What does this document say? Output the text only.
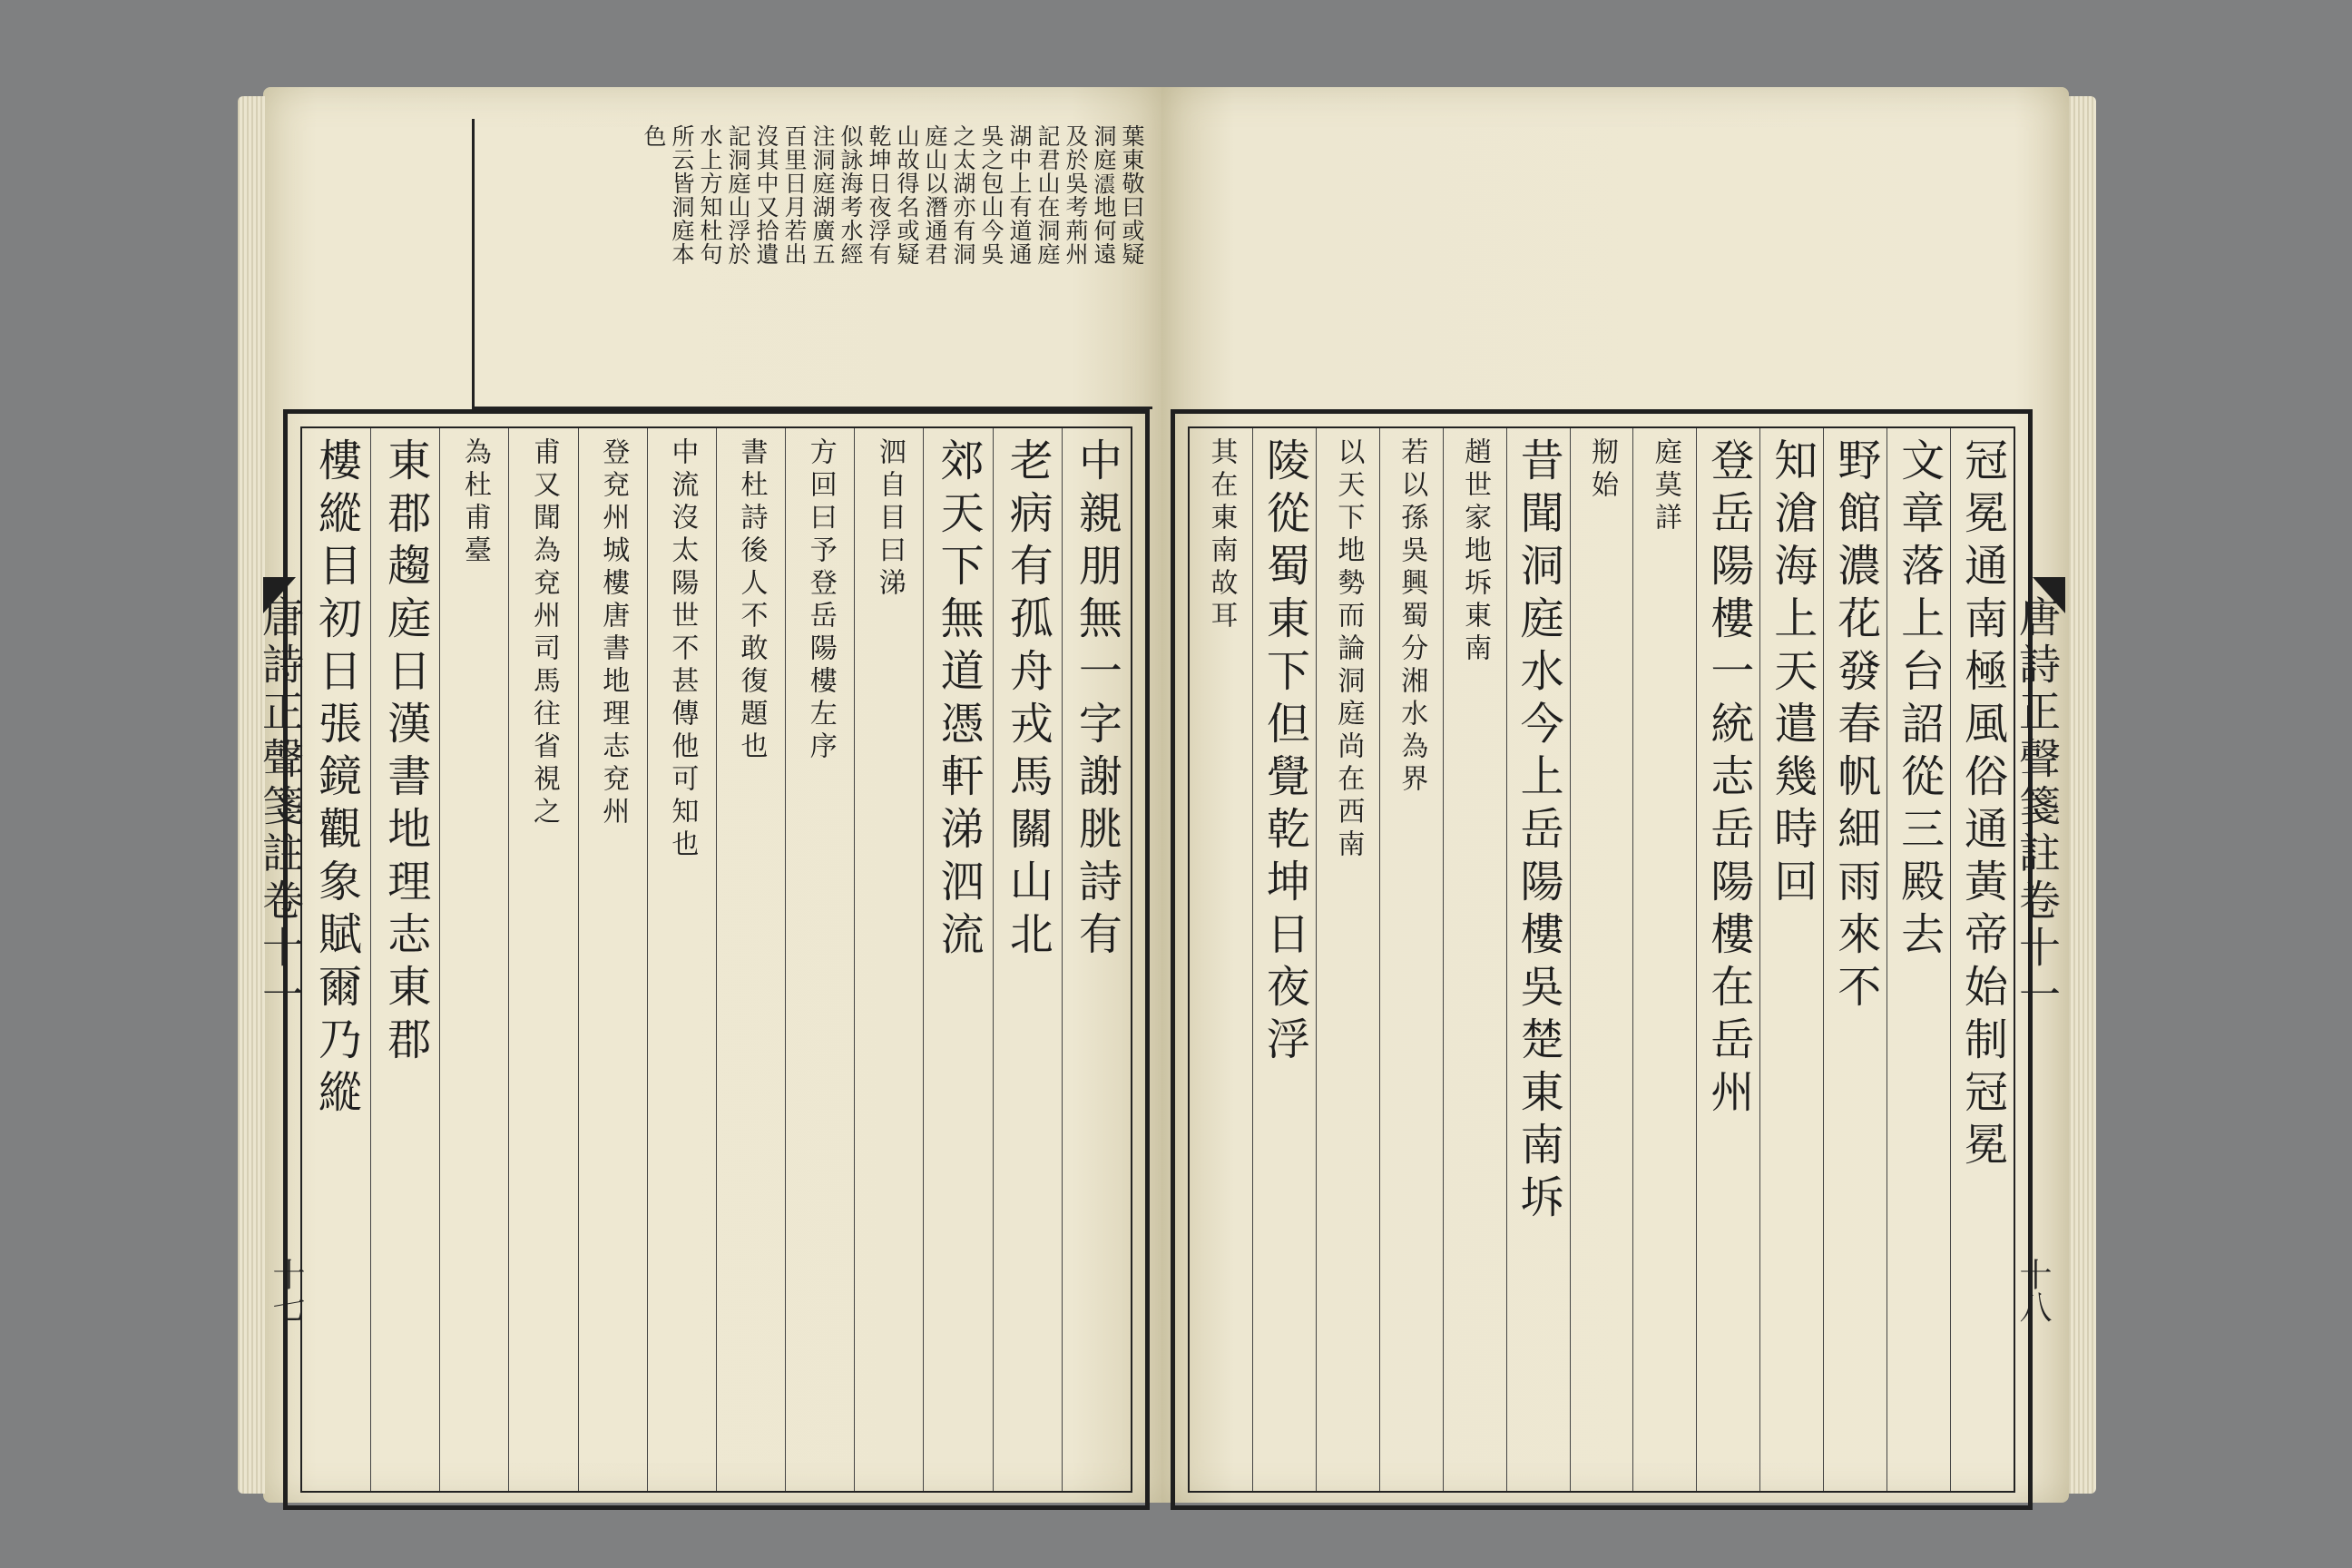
葉東敬曰或疑
洞庭𤂪地何遠
及於吳考荊州
記君山在洞庭
湖中上有道通
吳之包山今吳
之太湖亦有洞
庭山以潛通君
山故得名或疑
乾坤日夜浮有
似詠海考水經
注洞庭湖廣五
百里日月若出
沒其中又拾遺
記洞庭山浮於
水上方知杜句
所云皆洞庭本
色
唐詩正聲箋註卷十一
十七
中親朋無一字謝朓詩有
老病有孤舟戎馬關山北
郊天下無道憑軒涕泗流
泗自目曰涕
方回曰予登岳陽樓左序
書杜詩後人不敢復題也
中流沒太陽世不甚傳他可知也
登兗州城樓唐書地理志兗州
甫又聞為兗州司馬往省視之
為杜甫臺
東郡趨庭日漢書地理志東郡
樓縱目初日張鏡觀象賦爾乃縱	唐詩正聲箋註卷十一
十八
冠冕通南極風俗通黃帝始制冠冕
文章落上台詔從三殿去
野館濃花發春帆細雨來不
知滄海上天遣幾時回
登岳陽樓一統志岳陽樓在岳州
庭莫詳
剏始
昔聞洞庭水今上岳陽樓吳楚東南坼
趙世家地坼東南
若以孫吳興蜀分湘水為界
以天下地勢而論洞庭尚在西南
陵從蜀東下但覺乾坤日夜浮
其在東南故耳
